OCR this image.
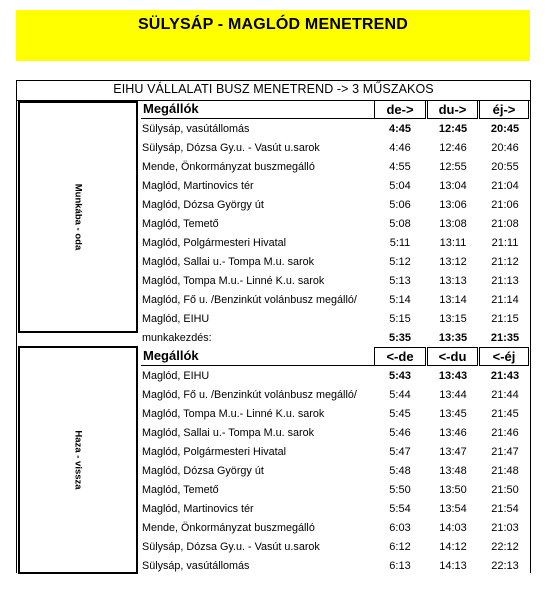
SÜLYSÁP - MAGLÓD MENETREND
EIHU VÁLLALATI BUSZ MENETREND -> 3 MŰSZAKOS
Munkába - oda
Megállók	de->	du->	éj->
Sülysáp, vasútállomás	4:45	12:45	20:45
Sülysáp, Dózsa Gy.u. - Vasút u.sarok	4:46	12:46	20:46
Mende, Önkormányzat buszmegálló	4:55	12:55	20:55
Maglód, Martinovics tér	5:04	13:04	21:04
Maglód, Dózsa György út	5:06	13:06	21:06
Maglód, Temető	5:08	13:08	21:08
Maglód, Polgármesteri Hivatal	5:11	13:11	21:11
Maglód, Sallai u.- Tompa M.u. sarok	5:12	13:12	21:12
Maglód, Tompa M.u.- Linné K.u. sarok	5:13	13:13	21:13
Maglód, Fő u. /Benzinkút volánbusz megálló/	5:14	13:14	21:14
Maglód, EIHU	5:15	13:15	21:15
munkakezdés:	5:35	13:35	21:35
Haza - vissza
Megállók	<-de	<-du	<-éj
Maglód, EIHU	5:43	13:43	21:43
Maglód, Fő u. /Benzinkút volánbusz megálló/	5:44	13:44	21:44
Maglód, Tompa M.u.- Linné K.u. sarok	5:45	13:45	21:45
Maglód, Sallai u.- Tompa M.u. sarok	5:46	13:46	21:46
Maglód, Polgármesteri Hivatal	5:47	13:47	21:47
Maglód, Dózsa György út	5:48	13:48	21:48
Maglód, Temető	5:50	13:50	21:50
Maglód, Martinovics tér	5:54	13:54	21:54
Mende, Önkormányzat buszmegálló	6:03	14:03	21:03
Sülysáp, Dózsa Gy.u. - Vasút u.sarok	6:12	14:12	22:12
Sülysáp, vasútállomás	6:13	14:13	22:13
